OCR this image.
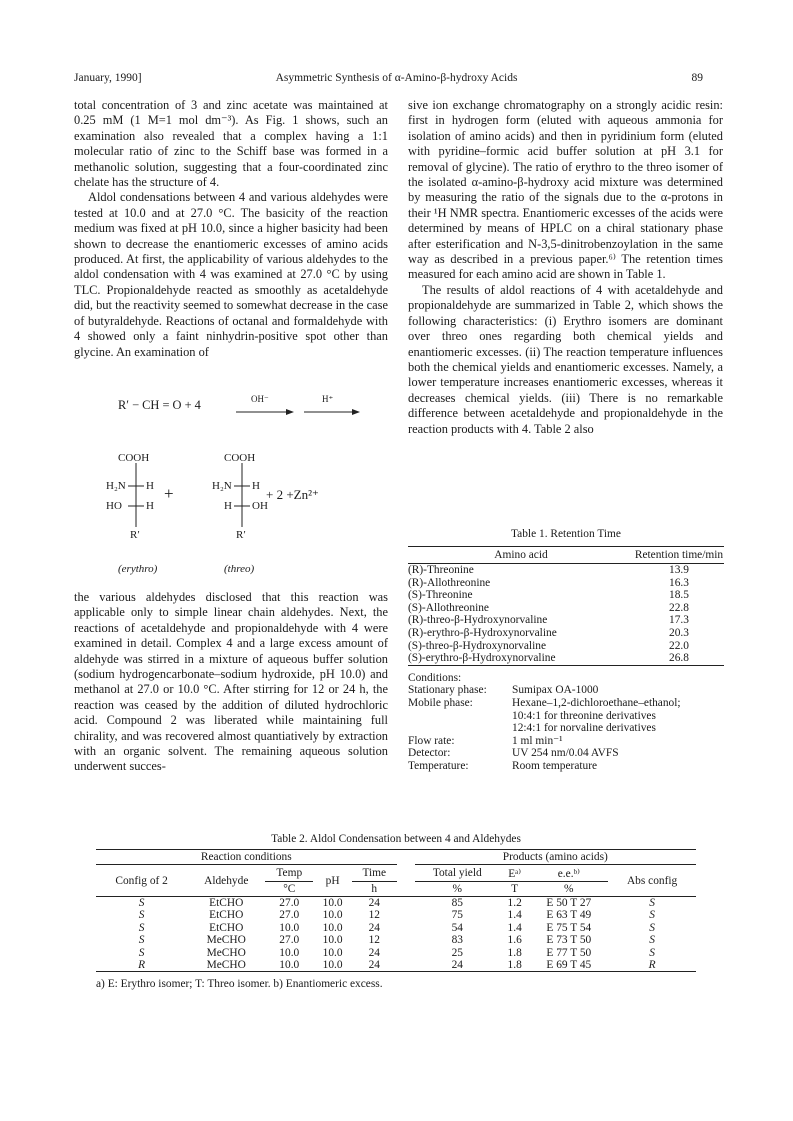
January, 1990]	Asymmetric Synthesis of α-Amino-β-hydroxy Acids	89

total concentration of 3 and zinc acetate was maintained at 0.25 mM (1 M=1 mol dm⁻³). As Fig. 1 shows, such an examination also revealed that a complex having a 1:1 molecular ratio of zinc to the Schiff base was formed in a methanolic solution, suggesting that a four-coordinated zinc chelate has the structure of 4.

Aldol condensations between 4 and various aldehydes were tested at 10.0 and at 27.0 °C. The basicity of the reaction medium was fixed at pH 10.0, since a higher basicity had been shown to decrease the enantiomeric excesses of amino acids produced. At first, the applicability of various aldehydes to the aldol condensation with 4 was examined at 27.0 °C by using TLC. Propionaldehyde reacted as smoothly as acetaldehyde did, but the reactivity seemed to somewhat decrease in the case of butyraldehyde. Reactions of octanal and formaldehyde with 4 showed only a faint ninhydrin-positive spot other than glycine. An examination of

R′ − CH = O + 4	OH⁻	H⁺
COOH	COOH
H₂N H
HO H
+	H₂N H
H OH
+ 2 +Zn²⁺
R′	R′
(erythro)	(threo)

the various aldehydes disclosed that this reaction was applicable only to simple linear chain aldehydes. Next, the reactions of acetaldehyde and propionaldehyde with 4 were examined in detail. Complex 4 and a large excess amount of aldehyde was stirred in a mixture of aqueous buffer solution (sodium hydrogencarbonate–sodium hydroxide, pH 10.0) and methanol at 27.0 or 10.0 °C. After stirring for 12 or 24 h, the reaction was ceased by the addition of diluted hydrochloric acid. Compound 2 was liberated while maintaining full chirality, and was recovered almost quantiatively by extraction with an organic solvent. The remaining aqueous solution underwent succes-

sive ion exchange chromatography on a strongly acidic resin: first in hydrogen form (eluted with aqueous ammonia for isolation of amino acids) and then in pyridinium form (eluted with pyridine–formic acid buffer solution at pH 3.1 for removal of glycine). The ratio of erythro to the threo isomer of the isolated α-amino-β-hydroxy acid mixture was determined by measuring the ratio of the signals due to the α-protons in their ¹H NMR spectra. Enantiomeric excesses of the acids were determined by means of HPLC on a chiral stationary phase after esterification and N-3,5-dinitrobenzoylation in the same way as described in a previous paper.⁶⁾ The retention times measured for each amino acid are shown in Table 1.

The results of aldol reactions of 4 with acetaldehyde and propionaldehyde are summarized in Table 2, which shows the following characteristics: (i) Erythro isomers are dominant over threo ones regarding both chemical yields and enantiomeric excesses. (ii) The reaction temperature influences both the chemical yields and enantiomeric excesses. Namely, a lower temperature increases enantiomeric excesses, whereas it decreases chemical yields. (iii) There is no remarkable difference between acetaldehyde and propionaldehyde in the reaction products with 4. Table 2 also

Table 1. Retention Time
Amino acid	Retention time/min
(R)-Threonine	13.9
(R)-Allothreonine	16.3
(S)-Threonine	18.5
(S)-Allothreonine	22.8
(R)-threo-β-Hydroxynorvaline	17.3
(R)-erythro-β-Hydroxynorvaline	20.3
(S)-threo-β-Hydroxynorvaline	22.0
(S)-erythro-β-Hydroxynorvaline	26.8
Conditions:
Stationary phase:	Sumipax OA-1000
Mobile phase:	Hexane–1,2-dichloroethane–ethanol;
10:4:1 for threonine derivatives
12:4:1 for norvaline derivatives
Flow rate:	1 ml min⁻¹
Detector:	UV 254 nm/0.04 AVFS
Temperature:	Room temperature
Table 2. Aldol Condensation between 4 and Aldehydes
Reaction conditions						Products (amino acids)			
Config of 2	Aldehyde	Temp	pH	Time		Total yield	Eᵃ⁾	e.e.ᵇ⁾	Abs config
		°C		h		%	T	%	
S	EtCHO	27.0	10.0	24		85	1.2	E 50 T 27	S
S	EtCHO	27.0	10.0	12		75	1.4	E 63 T 49	S
S	EtCHO	10.0	10.0	24		54	1.4	E 75 T 54	S
S	MeCHO	27.0	10.0	12		83	1.6	E 73 T 50	S
S	MeCHO	10.0	10.0	24		25	1.8	E 77 T 50	S
R	MeCHO	10.0	10.0	24		24	1.8	E 69 T 45	R
a) E: Erythro isomer; T: Threo isomer. b) Enantiomeric excess.
